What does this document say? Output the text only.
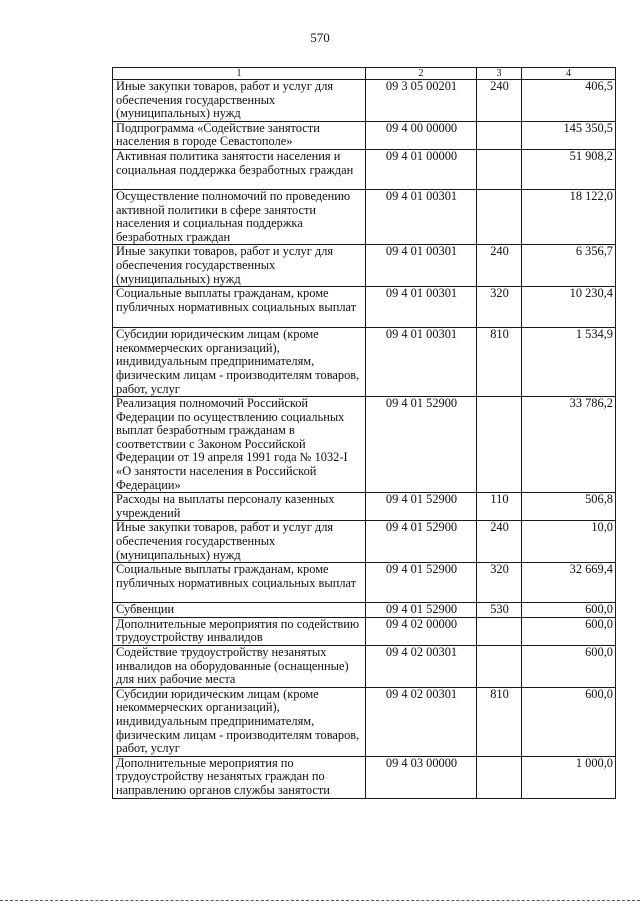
570
1	2	3	4
Иные закупки товаров, работ и услуг для обеспечения государственных (муниципальных) нужд	09 3 05 00201	240	406,5
Подпрограмма «Содействие занятости населения в городе Севастополе»	09 4 00 00000		145 350,5
Активная политика занятости населения и социальная поддержка безработных граждан	09 4 01 00000		51 908,2
Осуществление полномочий по проведению активной политики в сфере занятости населения и социальная поддержка безработных граждан	09 4 01 00301		18 122,0
Иные закупки товаров, работ и услуг для обеспечения государственных (муниципальных) нужд	09 4 01 00301	240	6 356,7
Социальные выплаты гражданам, кроме публичных нормативных социальных выплат	09 4 01 00301	320	10 230,4
Субсидии юридическим лицам (кроме некоммерческих организаций), индивидуальным предпринимателям, физическим лицам - производителям товаров, работ, услуг	09 4 01 00301	810	1 534,9
Реализация полномочий Российской Федерации по осуществлению социальных выплат безработным гражданам в соответствии с Законом Российской Федерации от 19 апреля 1991 года № 1032-I «О занятости населения в Российской Федерации»	09 4 01 52900		33 786,2
Расходы на выплаты персоналу казенных учреждений	09 4 01 52900	110	506,8
Иные закупки товаров, работ и услуг для обеспечения государственных (муниципальных) нужд	09 4 01 52900	240	10,0
Социальные выплаты гражданам, кроме публичных нормативных социальных выплат	09 4 01 52900	320	32 669,4
Субвенции	09 4 01 52900	530	600,0
Дополнительные мероприятия по содействию трудоустройству инвалидов	09 4 02 00000		600,0
Содействие трудоустройству незанятых инвалидов на оборудованные (оснащенные) для них рабочие места	09 4 02 00301		600,0
Субсидии юридическим лицам (кроме некоммерческих организаций), индивидуальным предпринимателям, физическим лицам - производителям товаров, работ, услуг	09 4 02 00301	810	600,0
Дополнительные мероприятия по трудоустройству незанятых граждан по направлению органов службы занятости	09 4 03 00000		1 000,0
